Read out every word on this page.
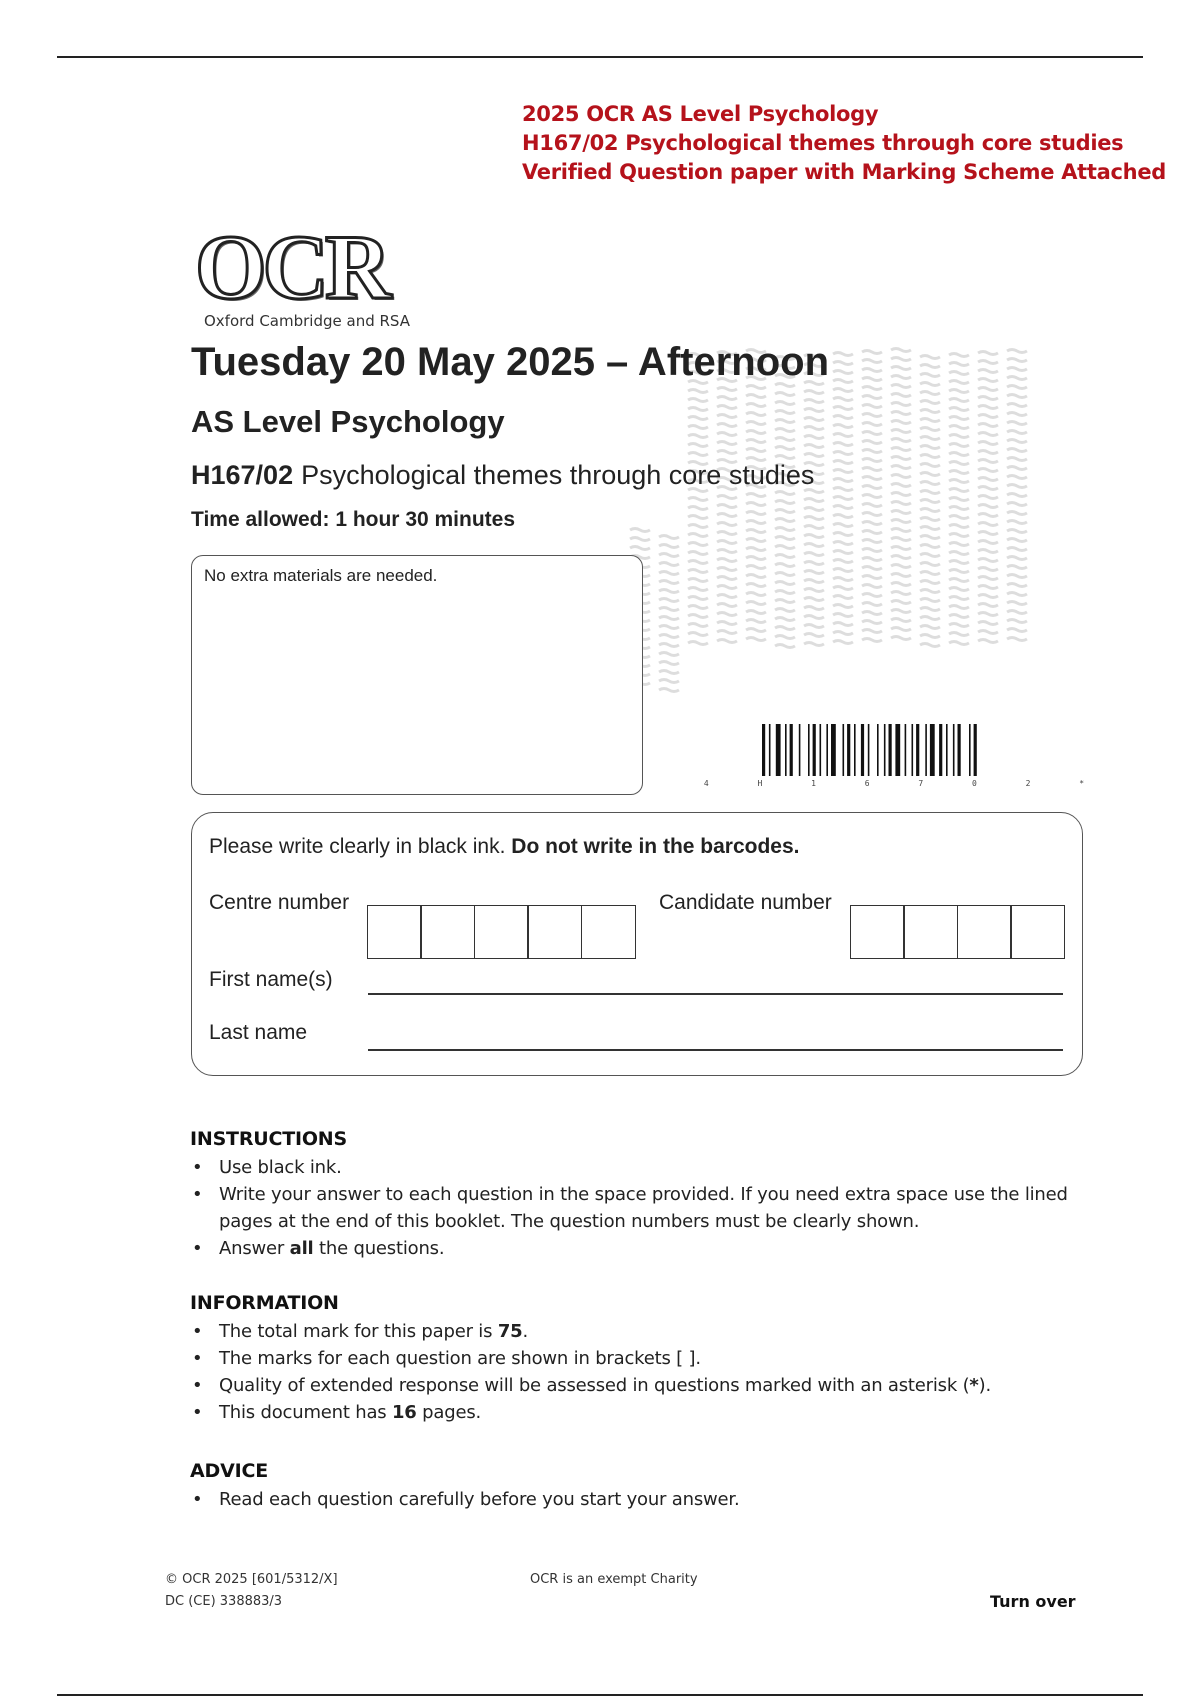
2025 OCR AS Level Psychology
H167/02 Psychological themes through core studies
Verified Question paper with Marking Scheme Attached
OCR
Oxford Cambridge and RSA
Tuesday 20 May 2025 – Afternoon
AS Level Psychology
H167/02 Psychological themes through core studies
Time allowed: 1 hour 30 minutes
No extra materials are needed.
4 H 1 6 7 0 2 *
Please write clearly in black ink. Do not write in the barcodes.
Centre number	Candidate number
First name(s)
Last name
INSTRUCTIONS
• Use black ink.
• Write your answer to each question in the space provided. If you need extra space use the lined pages at the end of this booklet. The question numbers must be clearly shown.
• Answer all the questions.
INFORMATION
• The total mark for this paper is 75.
• The marks for each question are shown in brackets [ ].
• Quality of extended response will be assessed in questions marked with an asterisk (*).
• This document has 16 pages.
ADVICE
• Read each question carefully before you start your answer.
© OCR 2025 [601/5312/X]
DC (CE) 338883/3
OCR is an exempt Charity
Turn over
